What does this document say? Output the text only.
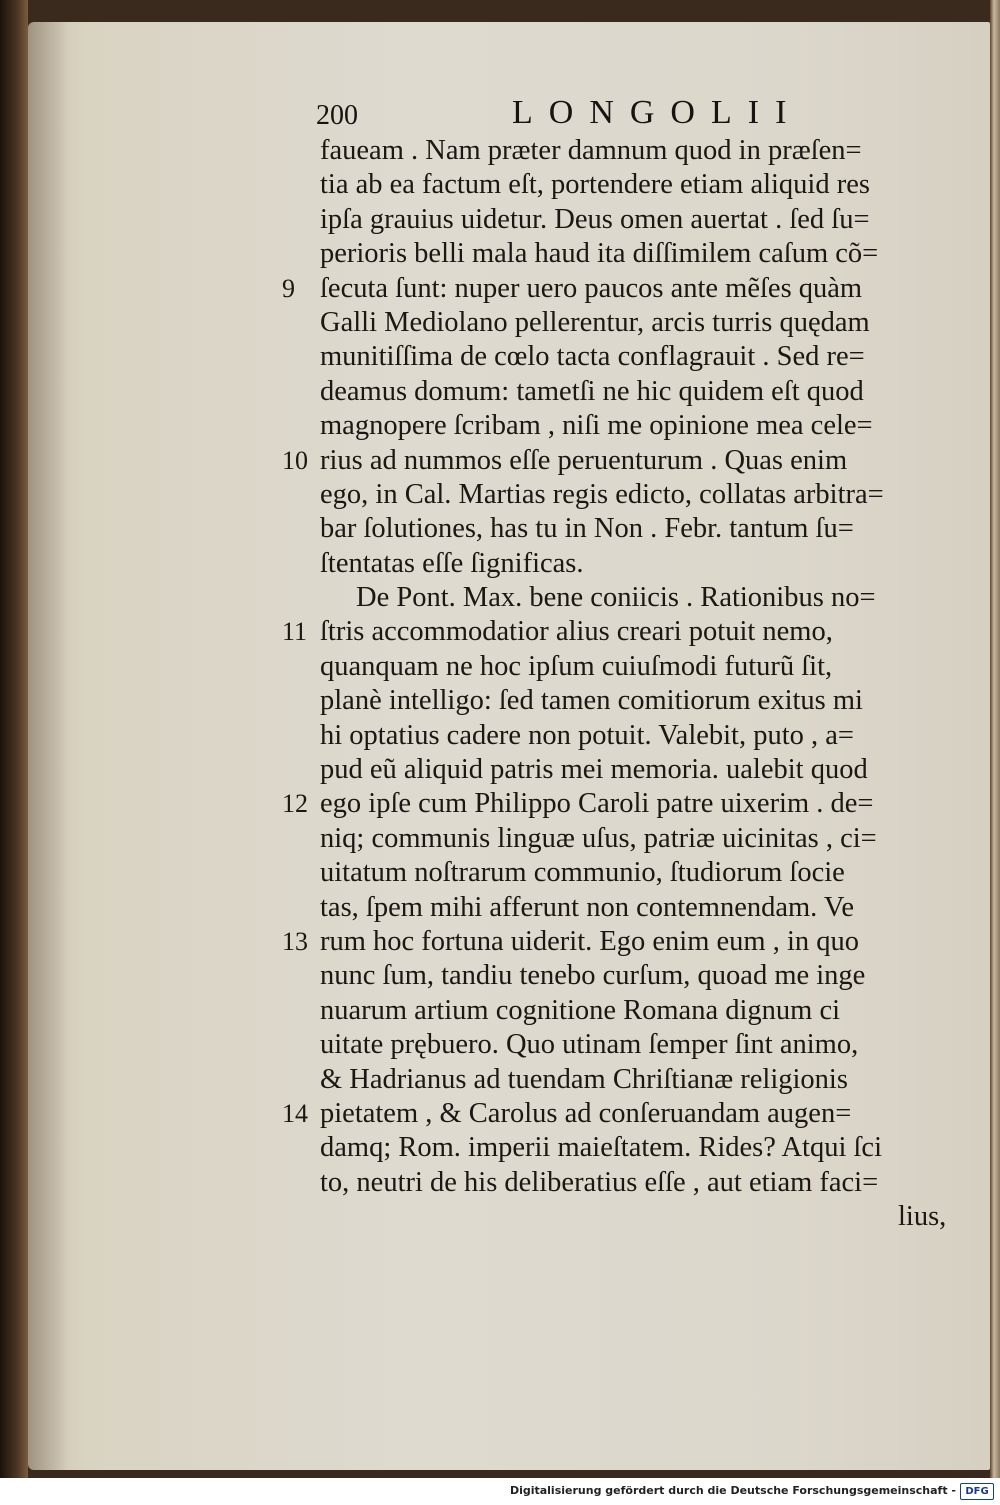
200	LONGOLII
faueam . Nam præter damnum quod in præſen=
tia ab ea factum eſt, portendere etiam aliquid res
ipſa grauius uidetur. Deus omen auertat . ſed ſu=
perioris belli mala haud ita diſſimilem caſum cõ=
9 ſecuta ſunt: nuper uero paucos ante mẽſes quàm
Galli Mediolano pellerentur, arcis turris quędam
munitiſſima de cœlo tacta conflagrauit . Sed re=
deamus domum: tametſi ne hic quidem eſt quod
magnopere ſcribam , niſi me opinione mea cele=
10 rius ad nummos eſſe peruenturum . Quas enim
ego, in Cal. Martias regis edicto, collatas arbitra=
bar ſolutiones, has tu in Non . Febr. tantum ſu=
ſtentatas eſſe ſignificas.
De Pont. Max. bene coniicis . Rationibus no=
11 ſtris accommodatior alius creari potuit nemo,
quanquam ne hoc ipſum cuiuſmodi futurũ ſit,
planè intelligo: ſed tamen comitiorum exitus mi
hi optatius cadere non potuit. Valebit, puto , a=
pud eũ aliquid patris mei memoria. ualebit quod
12 ego ipſe cum Philippo Caroli patre uixerim . de=
niq; communis linguæ uſus, patriæ uicinitas , ci=
uitatum noſtrarum communio, ſtudiorum ſocie
tas, ſpem mihi afferunt non contemnendam. Ve
13 rum hoc fortuna uiderit. Ego enim eum , in quo
nunc ſum, tandiu tenebo curſum, quoad me inge
nuarum artium cognitione Romana dignum ci
uitate prębuero. Quo utinam ſemper ſint animo,
& Hadrianus ad tuendam Chriſtianæ religionis
14 pietatem , & Carolus ad conſeruandam augen=
damq; Rom. imperii maieſtatem. Rides? Atqui ſci
to, neutri de his deliberatius eſſe , aut etiam faci=
lius,
Digitalisierung gefördert durch die Deutsche Forschungsgemeinschaft - DFG
